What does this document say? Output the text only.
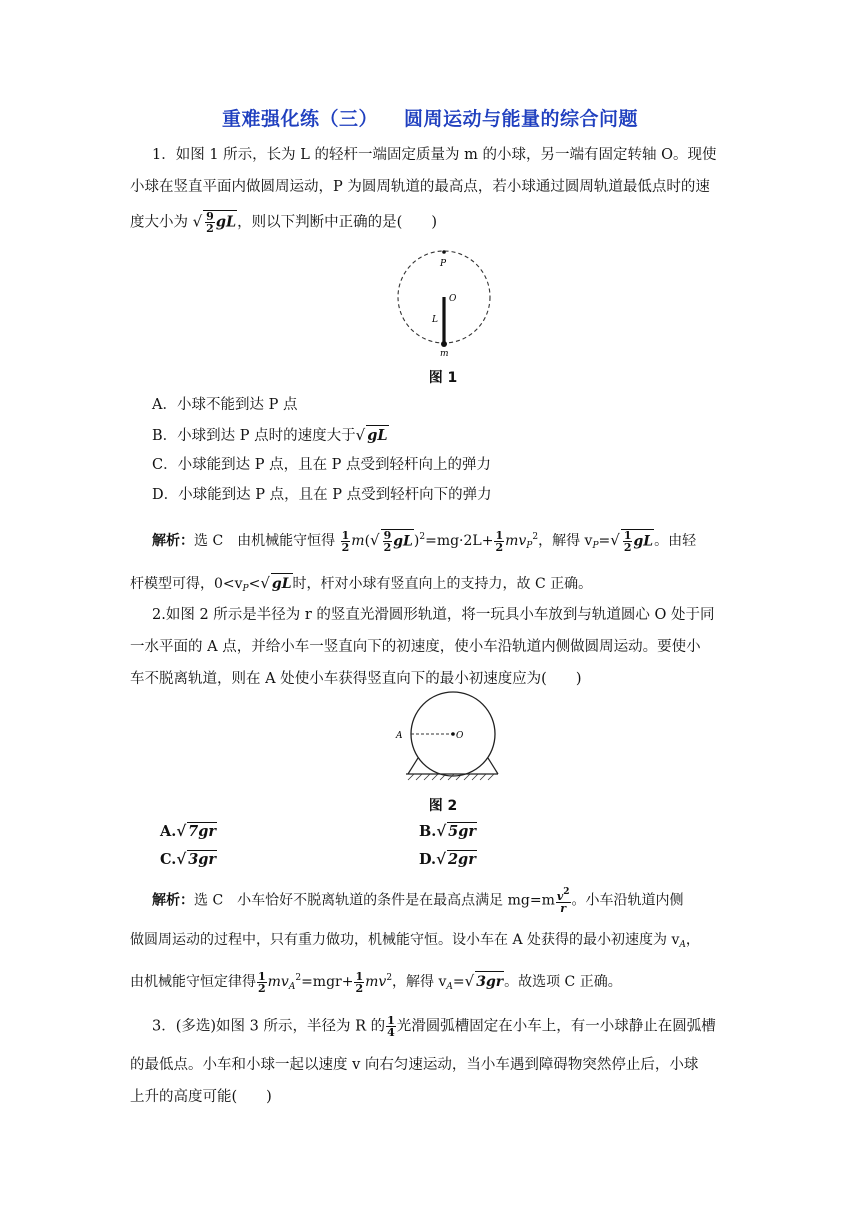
重难强化练（三） 圆周运动与能量的综合问题
1．如图 1 所示，长为 L 的轻杆一端固定质量为 m 的小球，另一端有固定转轴 O。现使
小球在竖直平面内做圆周运动，P 为圆周轨道的最高点，若小球通过圆周轨道最低点时的速
度大小为 √ $\frac{9}{2}$ gL，则以下判断中正确的是(　　)
P
O
L
m
图 1
A．小球不能到达 P 点
B．小球到达 P 点时的速度大于√ gL
C．小球能到达 P 点，且在 P 点受到轻杆向上的弹力
D．小球能到达 P 点，且在 P 点受到轻杆向下的弹力
解析：选 C　由机械能守恒得 $\frac{1}{2} m(√ \frac{9}{2} gL)^2=mg\cdot 2L+ \frac{1}{2} mv_P^2$，解得 $v_P=√ \frac{1}{2}$ gL。由轻
杆模型可得，$0<v_P<√$ gL时，杆对小球有竖直向上的支持力，故 C 正确。
2.如图 2 所示是半径为 r 的竖直光滑圆形轨道，将一玩具小车放到与轨道圆心 O 处于同
一水平面的 A 点，并给小车一竖直向下的初速度，使小车沿轨道内侧做圆周运动。要使小
车不脱离轨道，则在 A 处使小车获得竖直向下的最小初速度应为(　　)
A	O
图 2
A.√ 7gr	B.√ 5gr
C.√ 3gr	D.√ 2gr
解析：选 C　小车恰好不脱离轨道的条件是在最高点满足 $mg=m \frac{v^2}{r}$ 。小车沿轨道内侧
做圆周运动的过程中，只有重力做功，机械能守恒。设小车在 A 处获得的最小初速度为 $v_A$，
由机械能守恒定律得 $\frac{1}{2} mv_A^2=mgr+ \frac{1}{2} mv^2$，解得 $v_A=√$ 3gr。故选项 C 正确。
3．(多选)如图 3 所示，半径为 R 的 $\frac{1}{4}$ 光滑圆弧槽固定在小车上，有一小球静止在圆弧槽
的最低点。小车和小球一起以速度 v 向右匀速运动，当小车遇到障碍物突然停止后，小球
上升的高度可能(　　)
